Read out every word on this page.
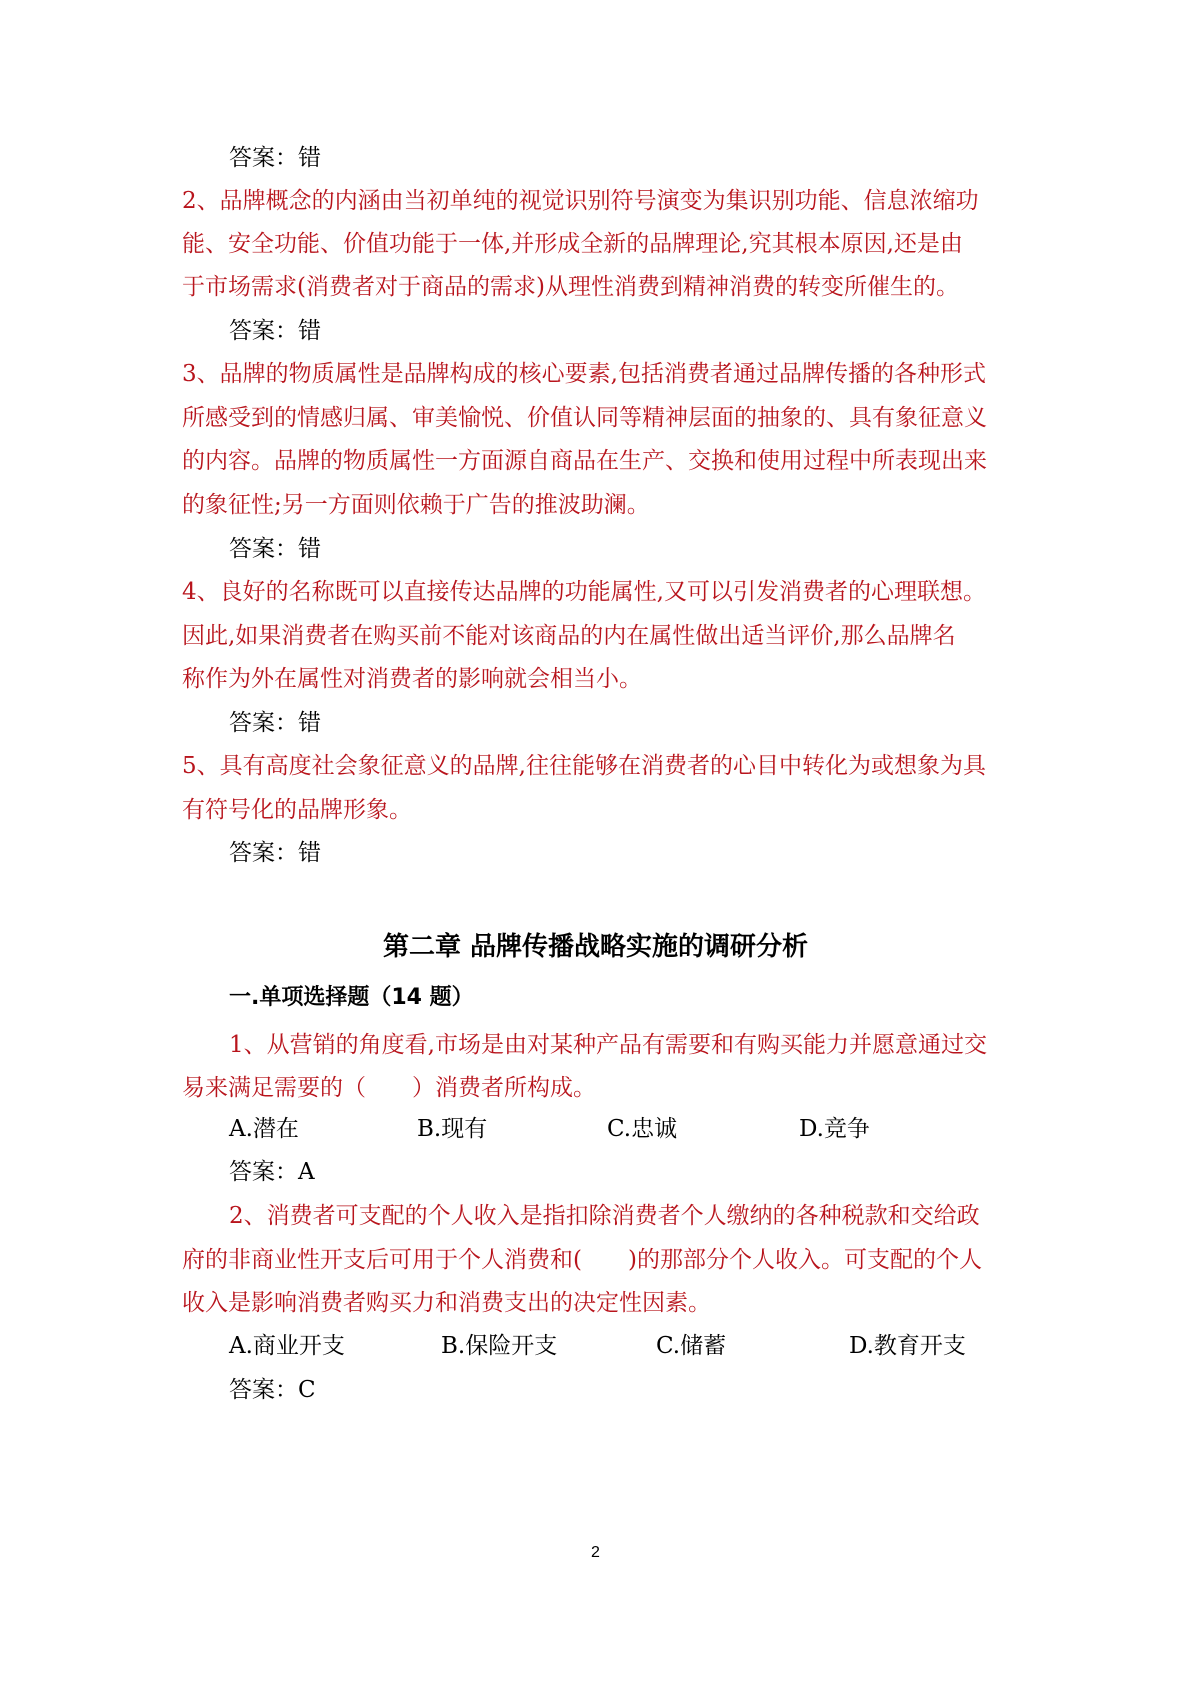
答案：错
2、品牌概念的内涵由当初单纯的视觉识别符号演变为集识别功能、信息浓缩功
能、安全功能、价值功能于一体,并形成全新的品牌理论,究其根本原因,还是由
于市场需求(消费者对于商品的需求)从理性消费到精神消费的转变所催生的。
答案：错
3、品牌的物质属性是品牌构成的核心要素,包括消费者通过品牌传播的各种形式
所感受到的情感归属、审美愉悦、价值认同等精神层面的抽象的、具有象征意义
的内容。品牌的物质属性一方面源自商品在生产、交换和使用过程中所表现出来
的象征性;另一方面则依赖于广告的推波助澜。
答案：错
4、良好的名称既可以直接传达品牌的功能属性,又可以引发消费者的心理联想。
因此,如果消费者在购买前不能对该商品的内在属性做出适当评价,那么品牌名
称作为外在属性对消费者的影响就会相当小。
答案：错
5、具有高度社会象征意义的品牌,往往能够在消费者的心目中转化为或想象为具
有符号化的品牌形象。
答案：错
第二章 品牌传播战略实施的调研分析
一.单项选择题（14 题）
1、从营销的角度看,市场是由对某种产品有需要和有购买能力并愿意通过交
易来满足需要的（　　）消费者所构成。
A.潜在	B.现有	C.忠诚	D.竞争
答案：A
2、消费者可支配的个人收入是指扣除消费者个人缴纳的各种税款和交给政
府的非商业性开支后可用于个人消费和(　　)的那部分个人收入。可支配的个人
收入是影响消费者购买力和消费支出的决定性因素。
A.商业开支	B.保险开支	C.储蓄	D.教育开支
答案：C
2
